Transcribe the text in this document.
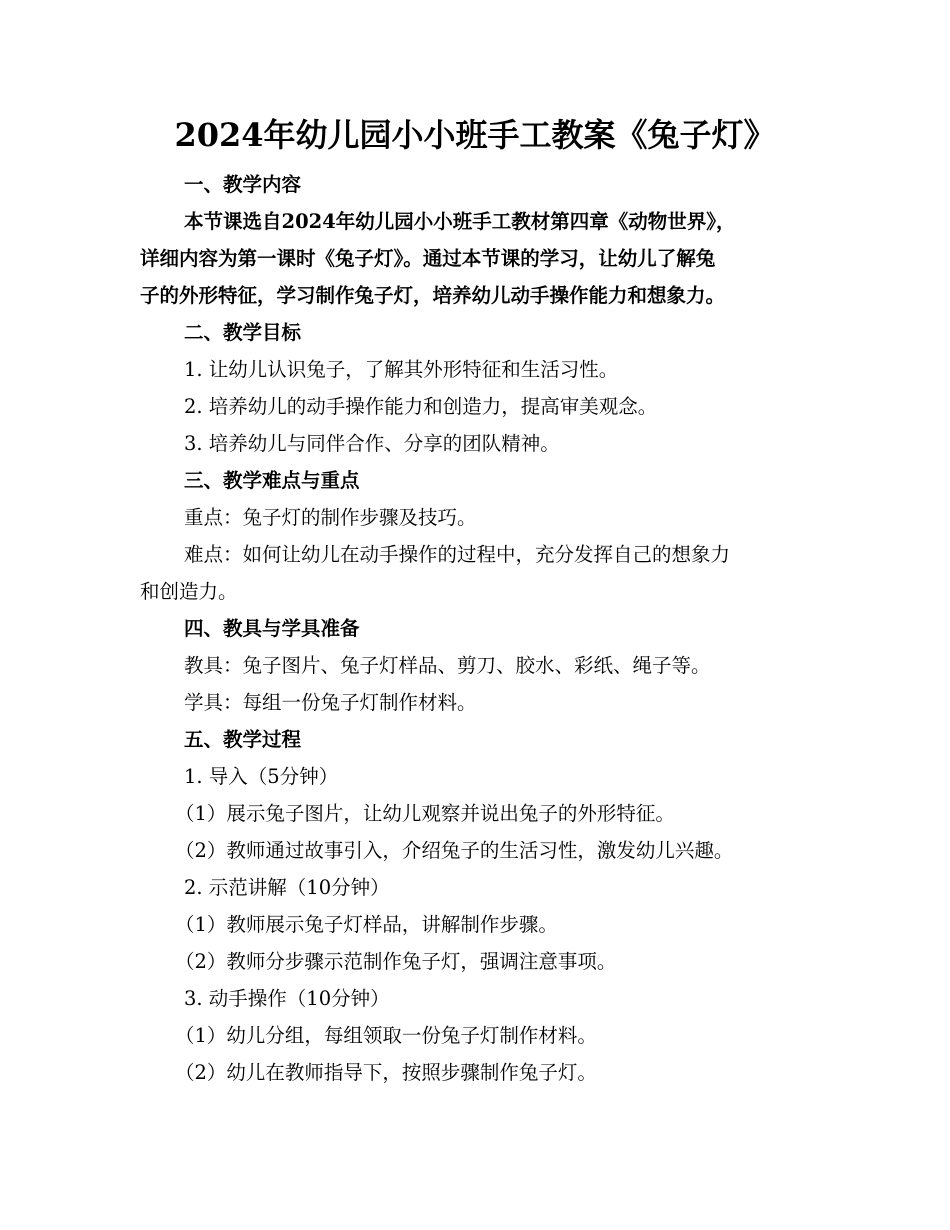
2024年幼儿园小小班手工教案《兔子灯》
一、教学内容
本节课选自2024年幼儿园小小班手工教材第四章《动物世界》，
详细内容为第一课时《兔子灯》。通过本节课的学习，让幼儿了解兔
子的外形特征，学习制作兔子灯，培养幼儿动手操作能力和想象力。
二、教学目标
1. 让幼儿认识兔子，了解其外形特征和生活习性。
2. 培养幼儿的动手操作能力和创造力，提高审美观念。
3. 培养幼儿与同伴合作、分享的团队精神。
三、教学难点与重点
重点：兔子灯的制作步骤及技巧。
难点：如何让幼儿在动手操作的过程中，充分发挥自己的想象力
和创造力。
四、教具与学具准备
教具：兔子图片、兔子灯样品、剪刀、胶水、彩纸、绳子等。
学具：每组一份兔子灯制作材料。
五、教学过程
1. 导入（5分钟）
（1）展示兔子图片，让幼儿观察并说出兔子的外形特征。
（2）教师通过故事引入，介绍兔子的生活习性，激发幼儿兴趣。
2. 示范讲解（10分钟）
（1）教师展示兔子灯样品，讲解制作步骤。
（2）教师分步骤示范制作兔子灯，强调注意事项。
3. 动手操作（10分钟）
（1）幼儿分组，每组领取一份兔子灯制作材料。
（2）幼儿在教师指导下，按照步骤制作兔子灯。
